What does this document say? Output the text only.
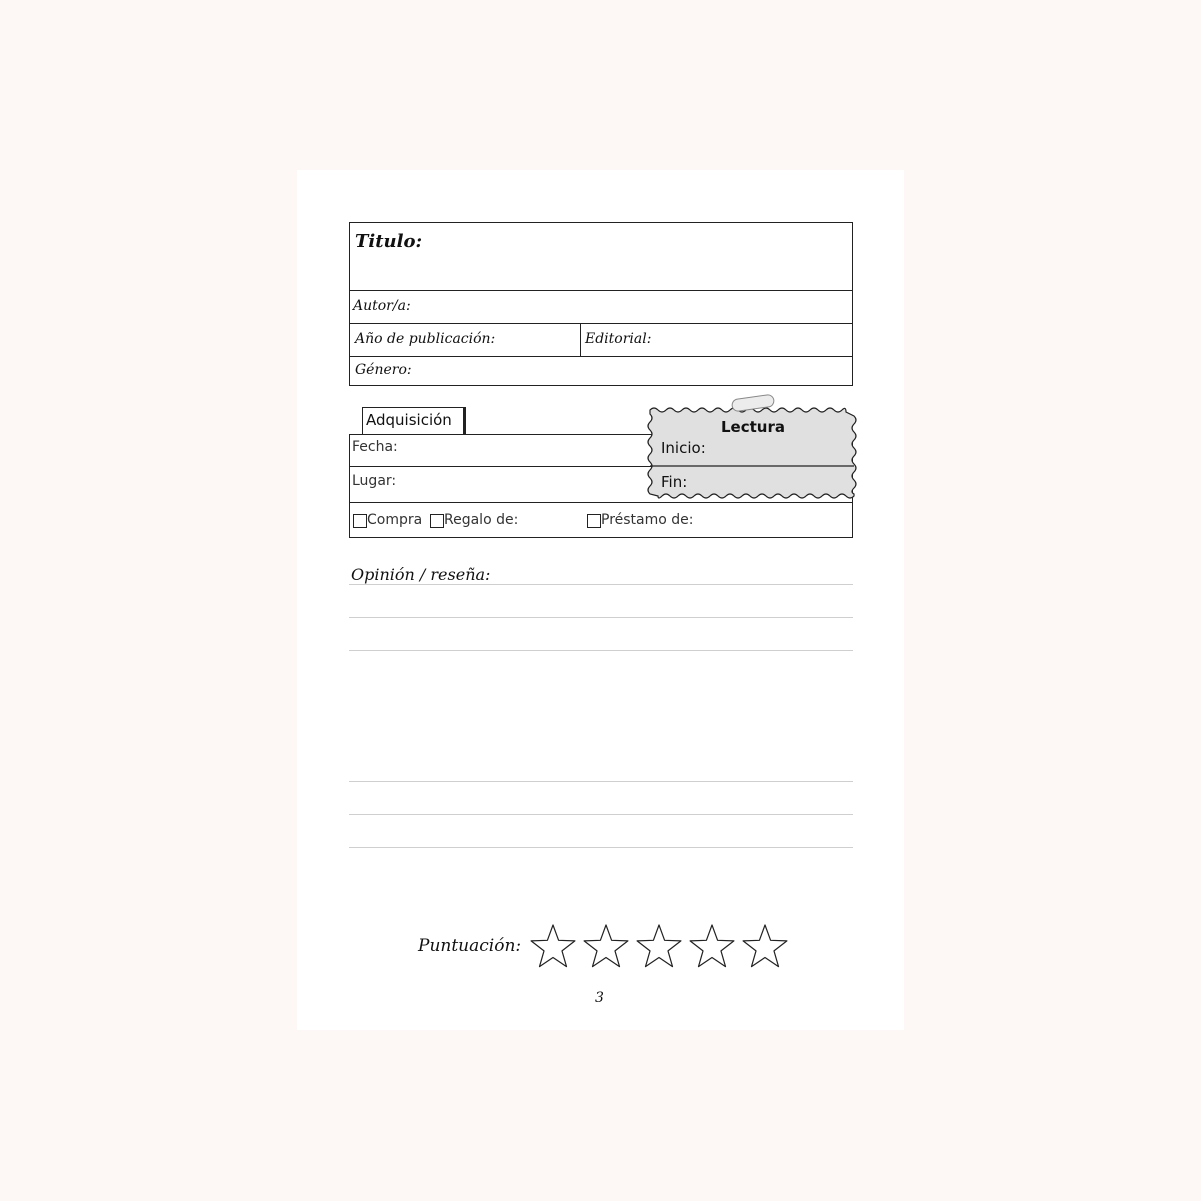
Titulo:
Autor/a:
Año de publicación:	Editorial:
Género:
Adquisición
Fecha:
Lugar:
Compra Regalo de:	Préstamo de:
Lectura
Inicio:
Fin:
Opinión / reseña:
Puntuación:
3
